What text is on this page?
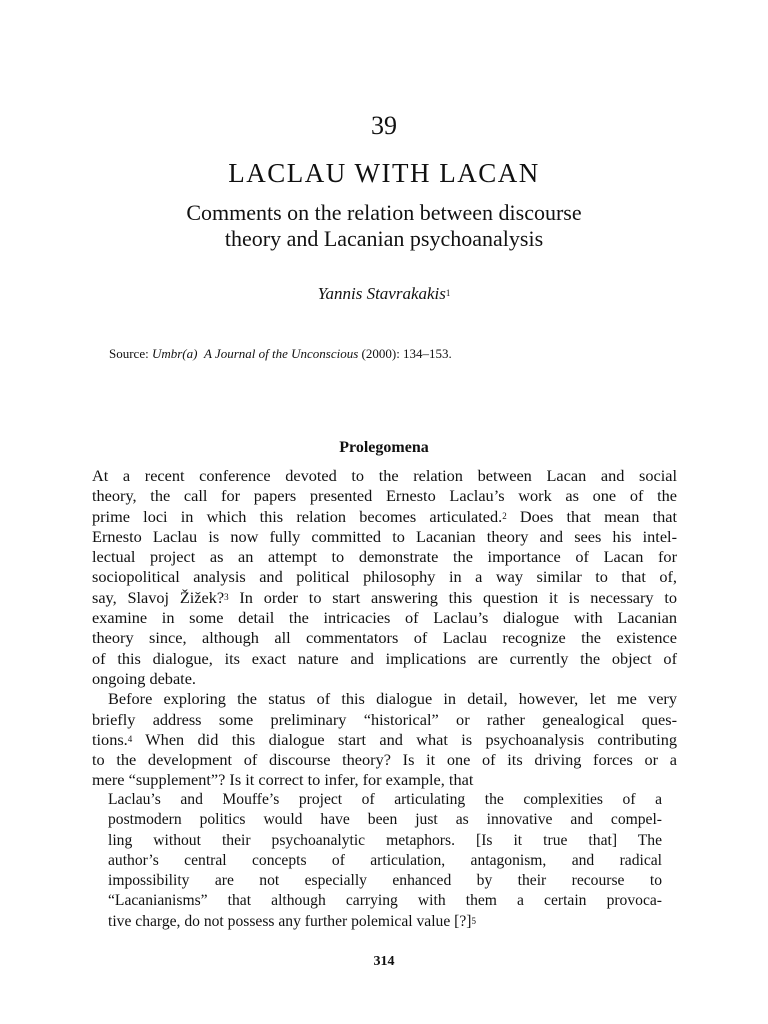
39
LACLAU WITH LACAN
Comments on the relation between discourse
theory and Lacanian psychoanalysis
Yannis Stavrakakis$^1$
Source: Umbr(a) A Journal of the Unconscious (2000): 134–153.
Prolegomena
At a recent conference devoted to the relation between Lacan and social
theory, the call for papers presented Ernesto Laclau’s work as one of the
prime loci in which this relation becomes articulated.$^2$ Does that mean that
Ernesto Laclau is now fully committed to Lacanian theory and sees his intel-
lectual project as an attempt to demonstrate the importance of Lacan for
sociopolitical analysis and political philosophy in a way similar to that of,
say, Slavoj Žižek?$^3$ In order to start answering this question it is necessary to
examine in some detail the intricacies of Laclau’s dialogue with Lacanian
theory since, although all commentators of Laclau recognize the existence
of this dialogue, its exact nature and implications are currently the object of
ongoing debate.
Before exploring the status of this dialogue in detail, however, let me very
briefly address some preliminary “historical” or rather genealogical ques-
tions.$^4$ When did this dialogue start and what is psychoanalysis contributing
to the development of discourse theory? Is it one of its driving forces or a
mere “supplement”? Is it correct to infer, for example, that
Laclau’s and Mouffe’s project of articulating the complexities of a
postmodern politics would have been just as innovative and compel-
ling without their psychoanalytic metaphors. [Is it true that] The
author’s central concepts of articulation, antagonism, and radical
impossibility are not especially enhanced by their recourse to
“Lacanianisms” that although carrying with them a certain provoca-
tive charge, do not possess any further polemical value [?]$^5$
314
